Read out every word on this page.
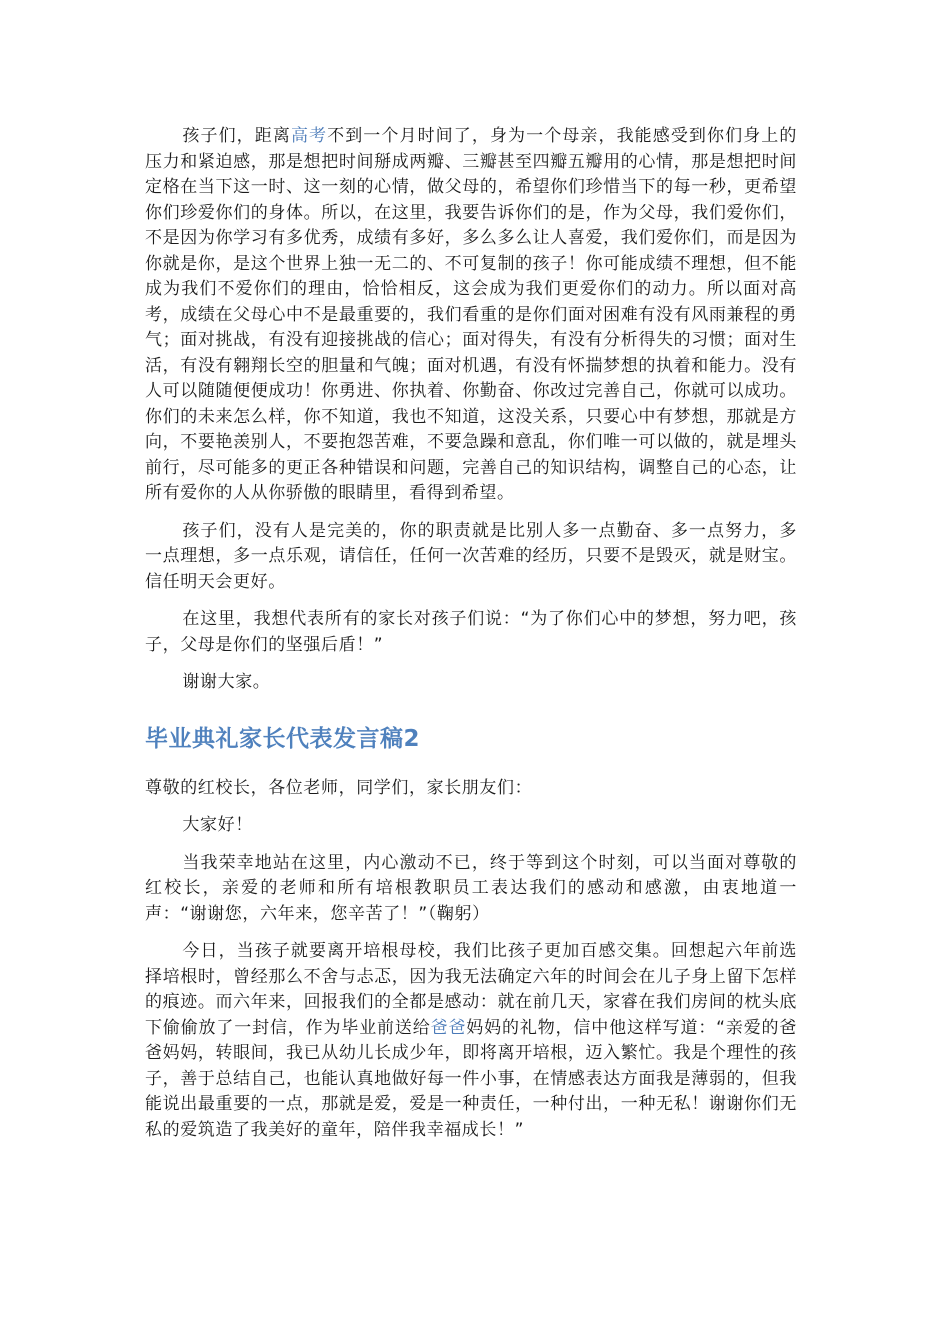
孩子们，距离高考不到一个月时间了，身为一个母亲，我能感受到你们身上的压力和紧迫感，那是想把时间掰成两瓣、三瓣甚至四瓣五瓣用的心情，那是想把时间定格在当下这一时、这一刻的心情，做父母的，希望你们珍惜当下的每一秒，更希望你们珍爱你们的身体。所以，在这里，我要告诉你们的是，作为父母，我们爱你们，不是因为你学习有多优秀，成绩有多好，多么多么让人喜爱，我们爱你们，而是因为你就是你，是这个世界上独一无二的、不可复制的孩子！你可能成绩不理想，但不能成为我们不爱你们的理由，恰恰相反，这会成为我们更爱你们的动力。所以面对高考，成绩在父母心中不是最重要的，我们看重的是你们面对困难有没有风雨兼程的勇气；面对挑战，有没有迎接挑战的信心；面对得失，有没有分析得失的习惯；面对生活，有没有翱翔长空的胆量和气魄；面对机遇，有没有怀揣梦想的执着和能力。没有人可以随随便便成功！你勇进、你执着、你勤奋、你改过完善自己，你就可以成功。你们的未来怎么样，你不知道，我也不知道，这没关系，只要心中有梦想，那就是方向，不要艳羡别人，不要抱怨苦难，不要急躁和意乱，你们唯一可以做的，就是埋头前行，尽可能多的更正各种错误和问题，完善自己的知识结构，调整自己的心态，让所有爱你的人从你骄傲的眼睛里，看得到希望。

孩子们，没有人是完美的，你的职责就是比别人多一点勤奋、多一点努力，多一点理想，多一点乐观，请信任，任何一次苦难的经历，只要不是毁灭，就是财宝。信任明天会更好。

在这里，我想代表所有的家长对孩子们说：“为了你们心中的梦想，努力吧，孩子，父母是你们的坚强后盾！”

谢谢大家。

毕业典礼家长代表发言稿2

尊敬的红校长，各位老师，同学们，家长朋友们：

大家好！

当我荣幸地站在这里，内心激动不已，终于等到这个时刻，可以当面对尊敬的红校长，亲爱的老师和所有培根教职员工表达我们的感动和感激，由衷地道一声：“谢谢您，六年来，您辛苦了！”（鞠躬）

今日，当孩子就要离开培根母校，我们比孩子更加百感交集。回想起六年前选择培根时，曾经那么不舍与忐忑，因为我无法确定六年的时间会在儿子身上留下怎样的痕迹。而六年来，回报我们的全都是感动：就在前几天，家睿在我们房间的枕头底下偷偷放了一封信，作为毕业前送给爸爸妈妈的礼物，信中他这样写道：“亲爱的爸爸妈妈，转眼间，我已从幼儿长成少年，即将离开培根，迈入繁忙。我是个理性的孩子，善于总结自己，也能认真地做好每一件小事，在情感表达方面我是薄弱的，但我能说出最重要的一点，那就是爱，爱是一种责任，一种付出，一种无私！谢谢你们无私的爱筑造了我美好的童年，陪伴我幸福成长！”
